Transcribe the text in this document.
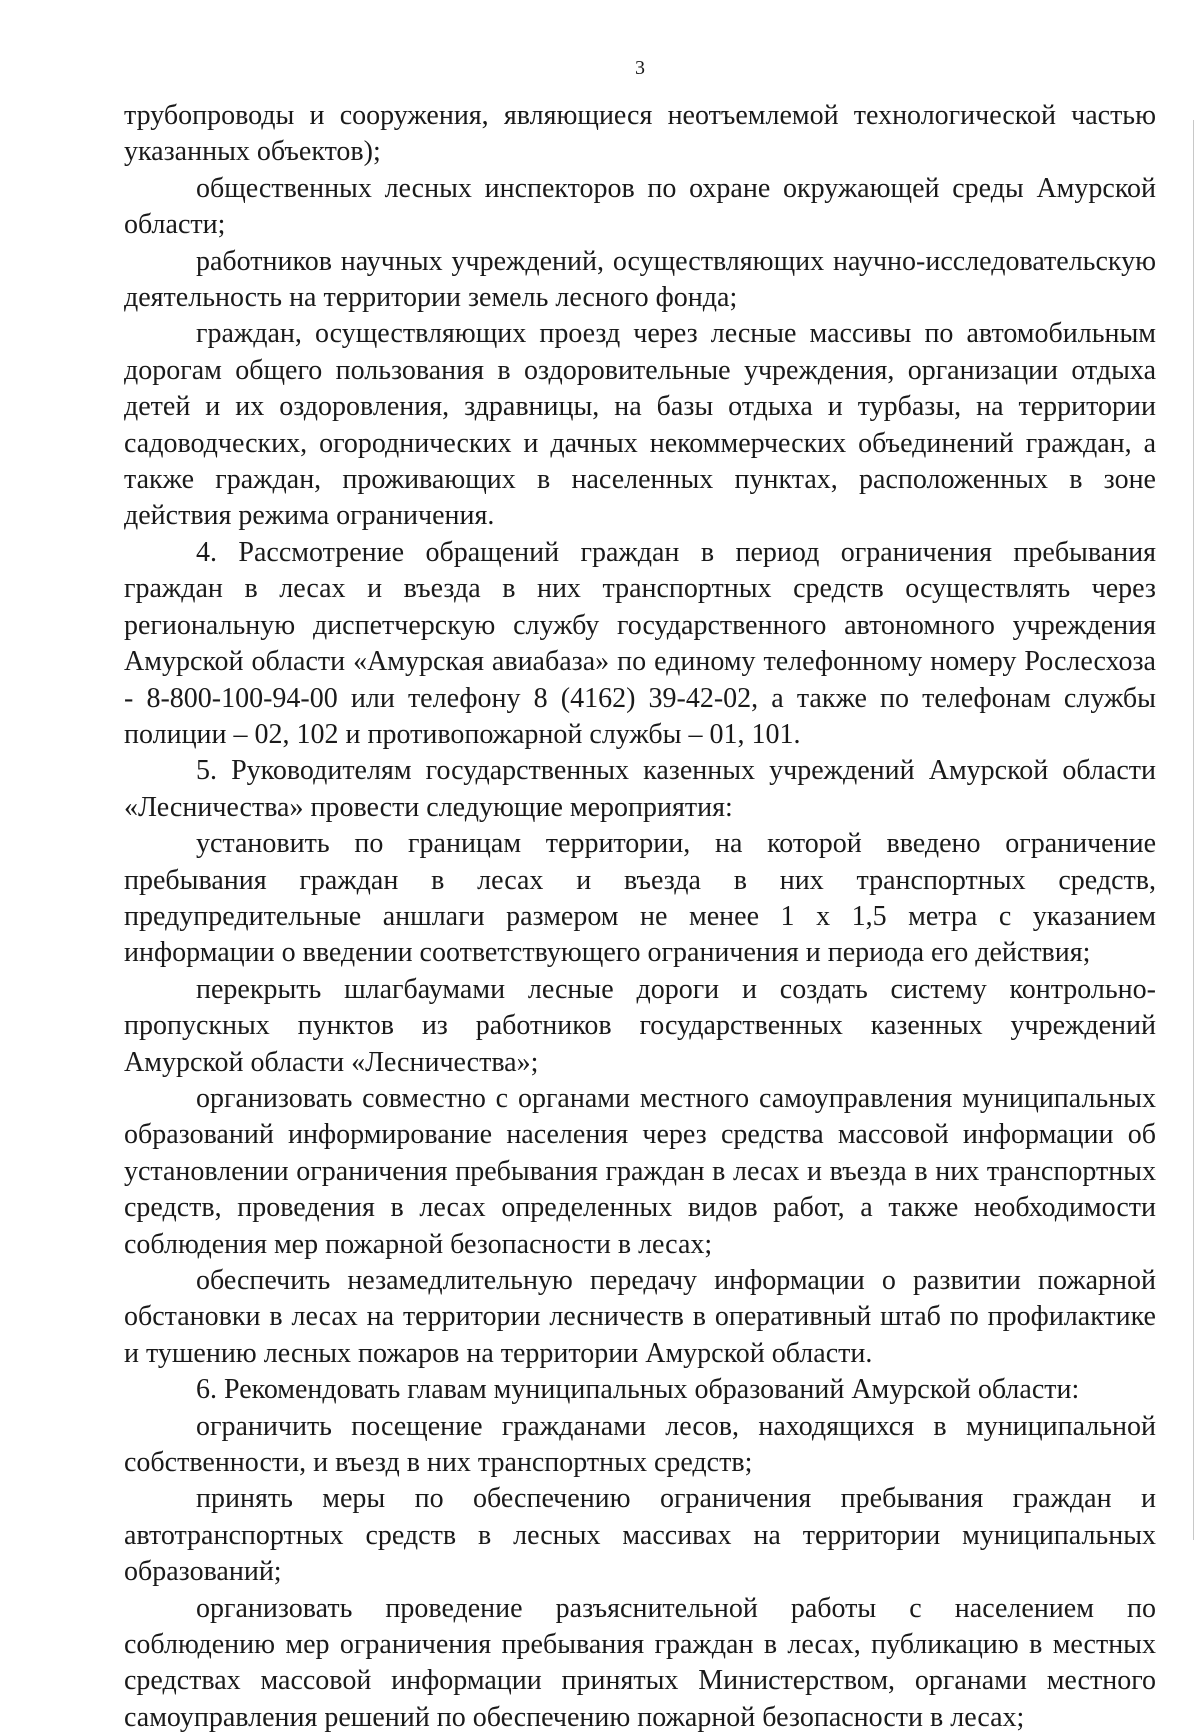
3

трубопроводы и сооружения, являющиеся неотъемлемой технологической частью указанных объектов);

общественных лесных инспекторов по охране окружающей среды Амурской области;

работников научных учреждений, осуществляющих научно-исследовательскую деятельность на территории земель лесного фонда;

граждан, осуществляющих проезд через лесные массивы по автомобильным дорогам общего пользования в оздоровительные учреждения, организации отдыха детей и их оздоровления, здравницы, на базы отдыха и турбазы, на территории садоводческих, огороднических и дачных некоммерческих объединений граждан, а также граждан, проживающих в населенных пунктах, расположенных в зоне действия режима ограничения.

4. Рассмотрение обращений граждан в период ограничения пребывания граждан в лесах и въезда в них транспортных средств осуществлять через региональную диспетчерскую службу государственного автономного учреждения Амурской области «Амурская авиабаза» по единому телефонному номеру Рослесхоза - 8-800-100-94-00 или телефону 8 (4162) 39-42-02, а также по телефонам службы полиции – 02, 102 и противопожарной службы – 01, 101.

5. Руководителям государственных казенных учреждений Амурской области «Лесничества» провести следующие мероприятия:

установить по границам территории, на которой введено ограничение пребывания граждан в лесах и въезда в них транспортных средств, предупредительные аншлаги размером не менее 1 х 1,5 метра с указанием информации о введении соответствующего ограничения и периода его действия;

перекрыть шлагбаумами лесные дороги и создать систему контрольно-пропускных пунктов из работников государственных казенных учреждений Амурской области «Лесничества»;

организовать совместно с органами местного самоуправления муниципальных образований информирование населения через средства массовой информации об установлении ограничения пребывания граждан в лесах и въезда в них транспортных средств, проведения в лесах определенных видов работ, а также необходимости соблюдения мер пожарной безопасности в лесах;

обеспечить незамедлительную передачу информации о развитии пожарной обстановки в лесах на территории лесничеств в оперативный штаб по профилактике и тушению лесных пожаров на территории Амурской области.

6. Рекомендовать главам муниципальных образований Амурской области:

ограничить посещение гражданами лесов, находящихся в муниципальной собственности, и въезд в них транспортных средств;

принять меры по обеспечению ограничения пребывания граждан и автотранспортных средств в лесных массивах на территории муниципальных образований;

организовать проведение разъяснительной работы с населением по соблюдению мер ограничения пребывания граждан в лесах, публикацию в местных средствах массовой информации принятых Министерством, органами местного самоуправления решений по обеспечению пожарной безопасности в лесах;
